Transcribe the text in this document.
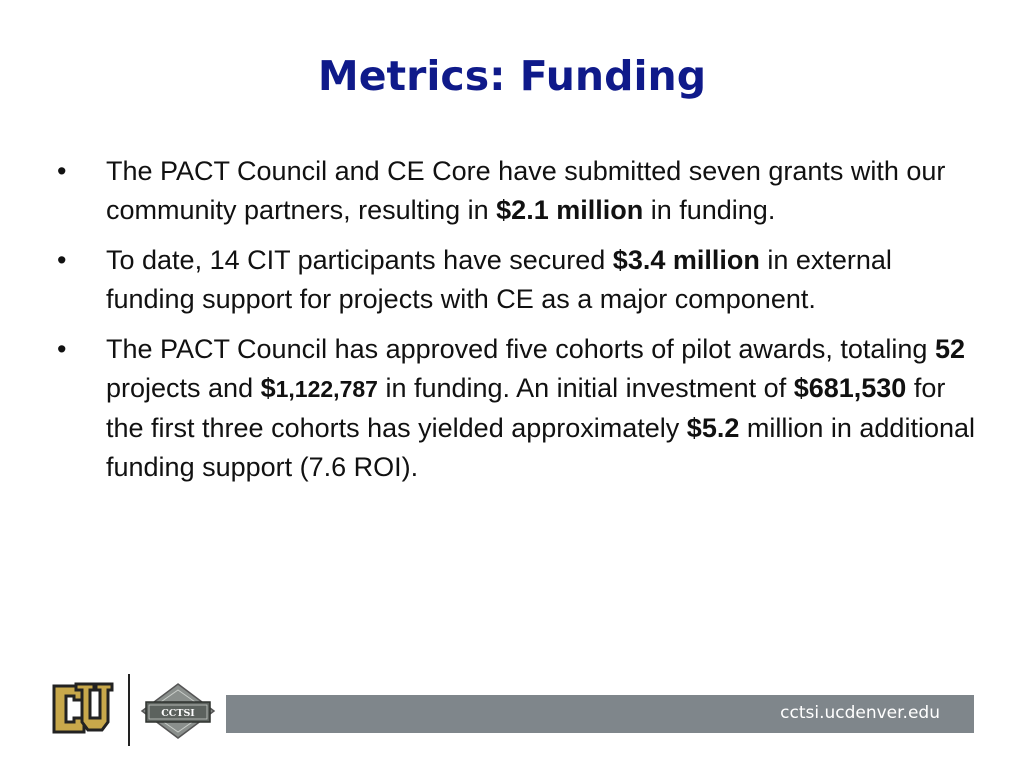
Metrics: Funding
• The PACT Council and CE Core have submitted seven grants with our community partners, resulting in $2.1 million in funding.
• To date, 14 CIT participants have secured $3.4 million in external funding support for projects with CE as a major component.
• The PACT Council has approved five cohorts of pilot awards, totaling 52 projects and $1,122,787 in funding. An initial investment of $681,530 for the first three cohorts has yielded approximately $5.2 million in additional funding support (7.6 ROI).
CCTSI	cctsi.ucdenver.edu
